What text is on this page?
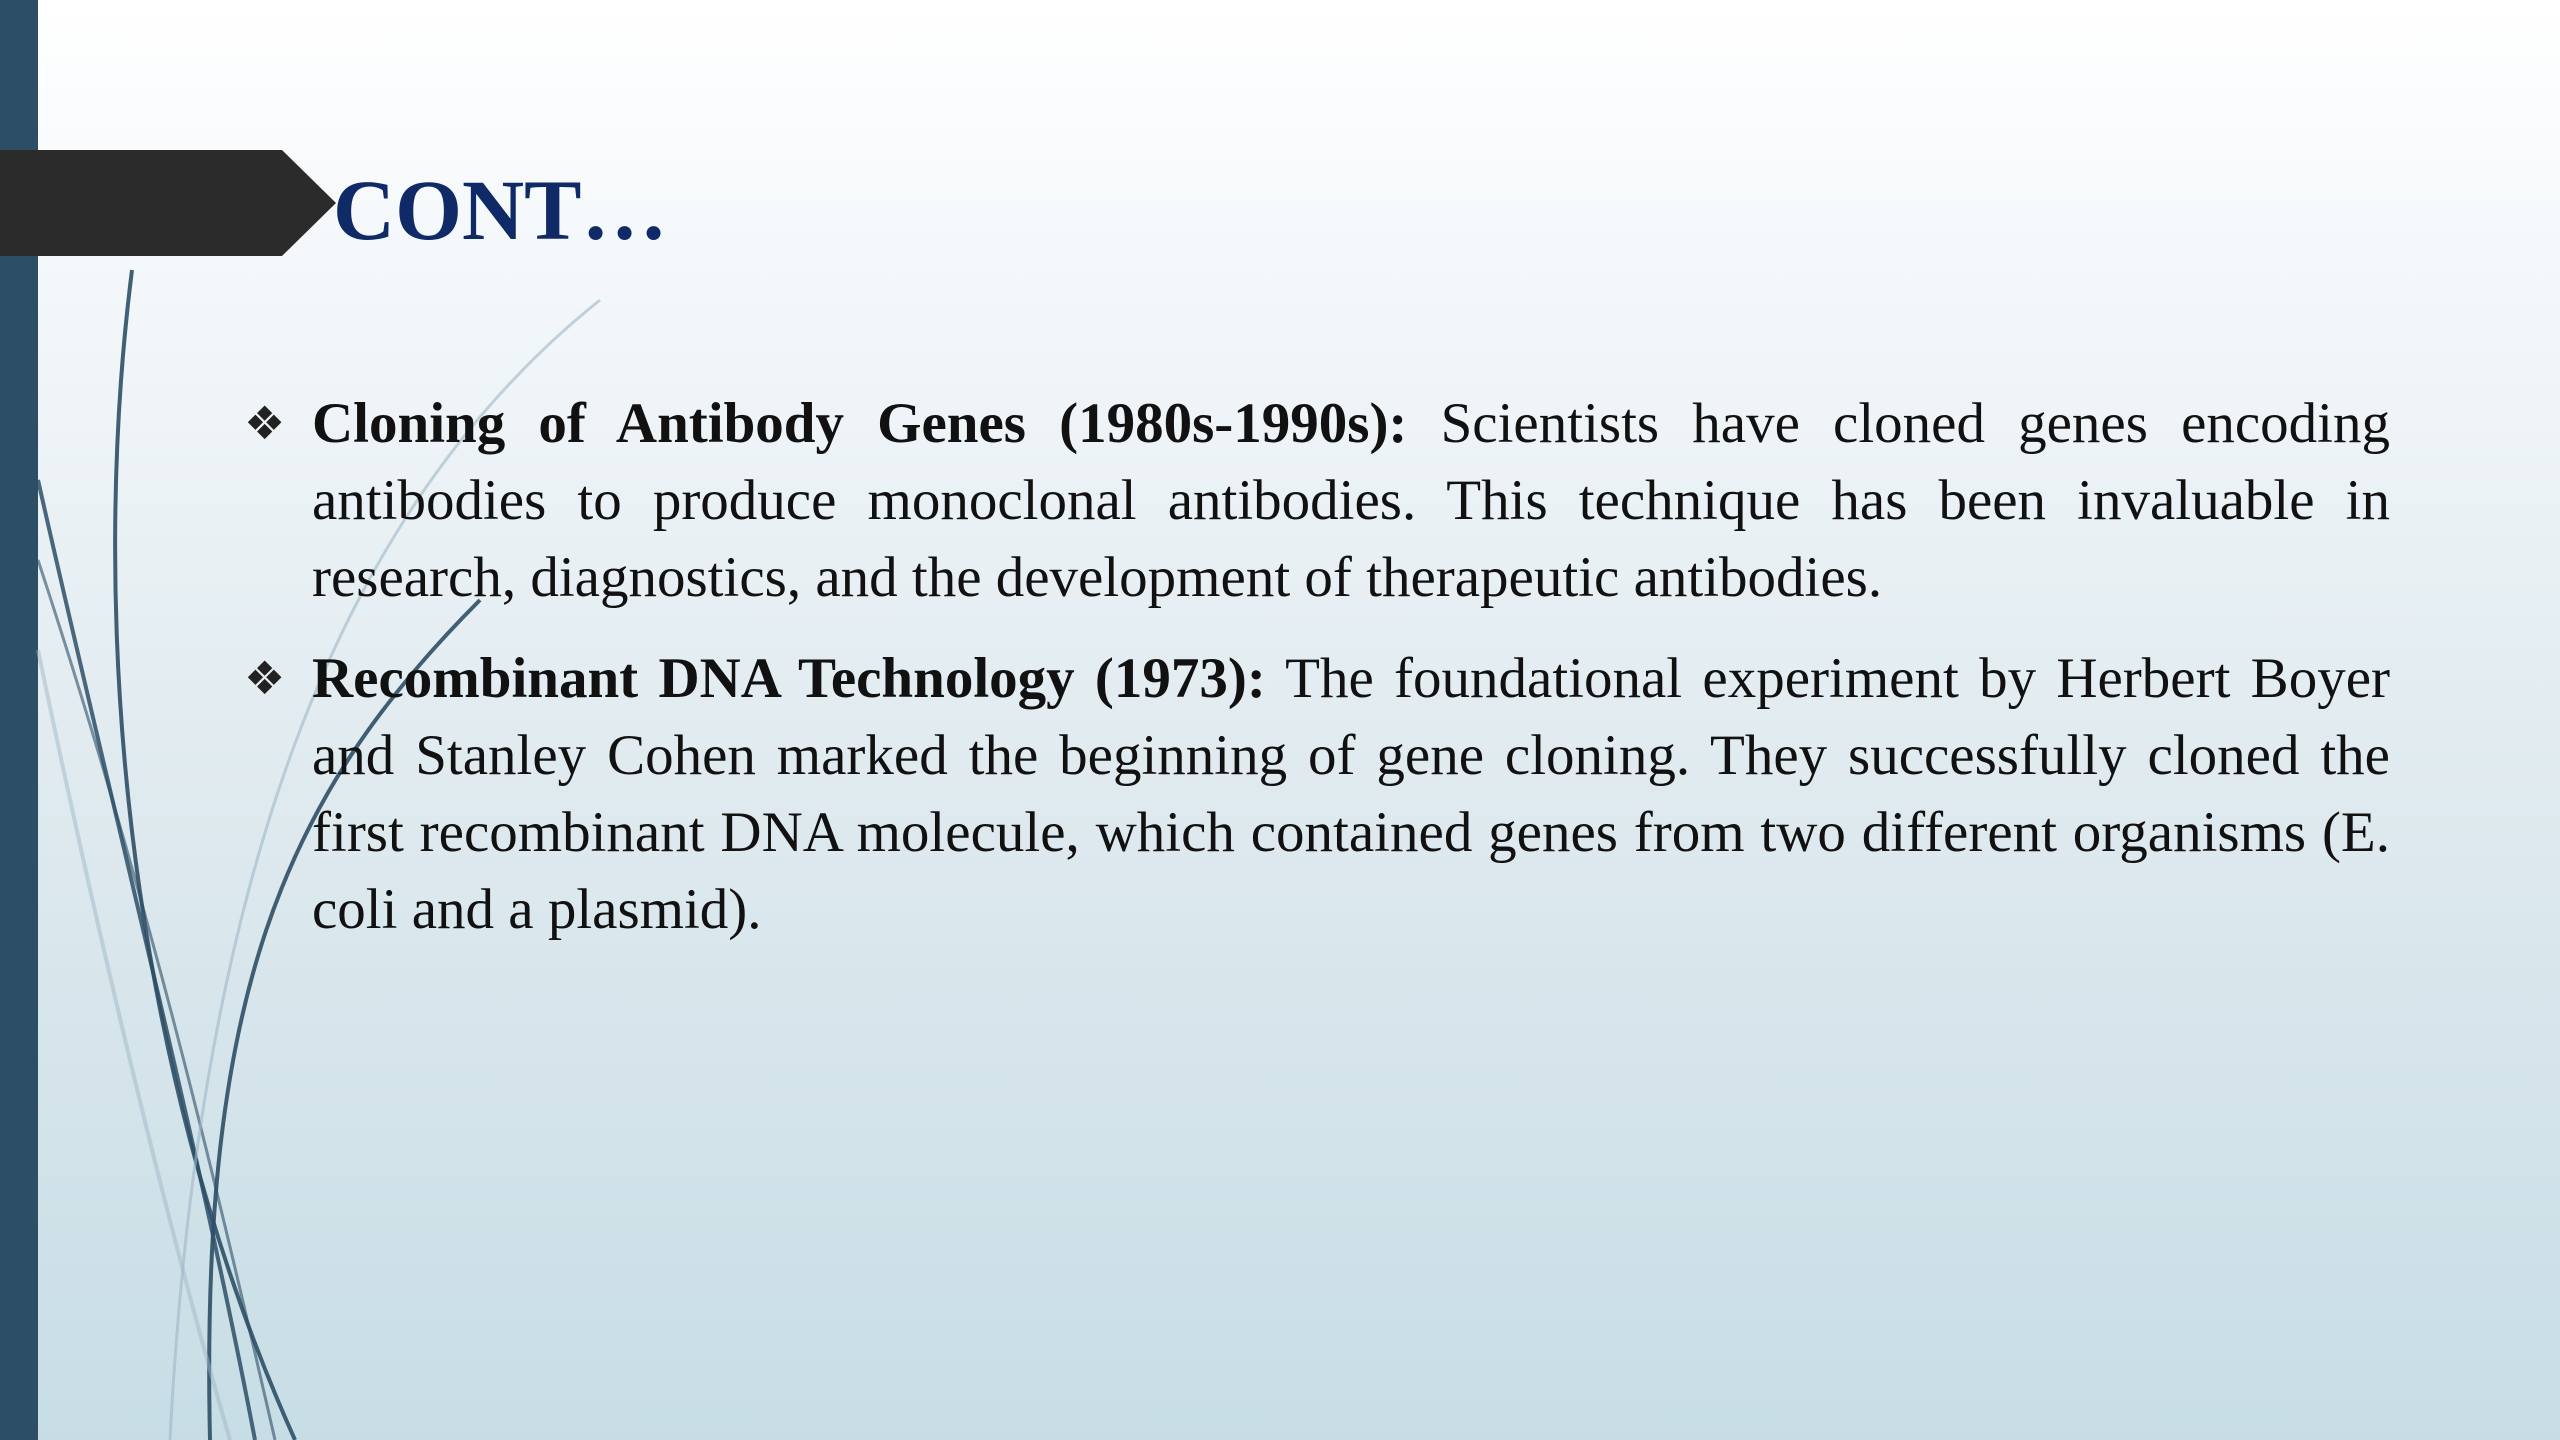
CONT…

❖ Cloning of Antibody Genes (1980s-1990s): Scientists have cloned genes encoding antibodies to produce monoclonal antibodies. This technique has been invaluable in research, diagnostics, and the development of therapeutic antibodies.

❖ Recombinant DNA Technology (1973): The foundational experiment by Herbert Boyer and Stanley Cohen marked the beginning of gene cloning. They successfully cloned the first recombinant DNA molecule, which contained genes from two different organisms (E. coli and a plasmid).
